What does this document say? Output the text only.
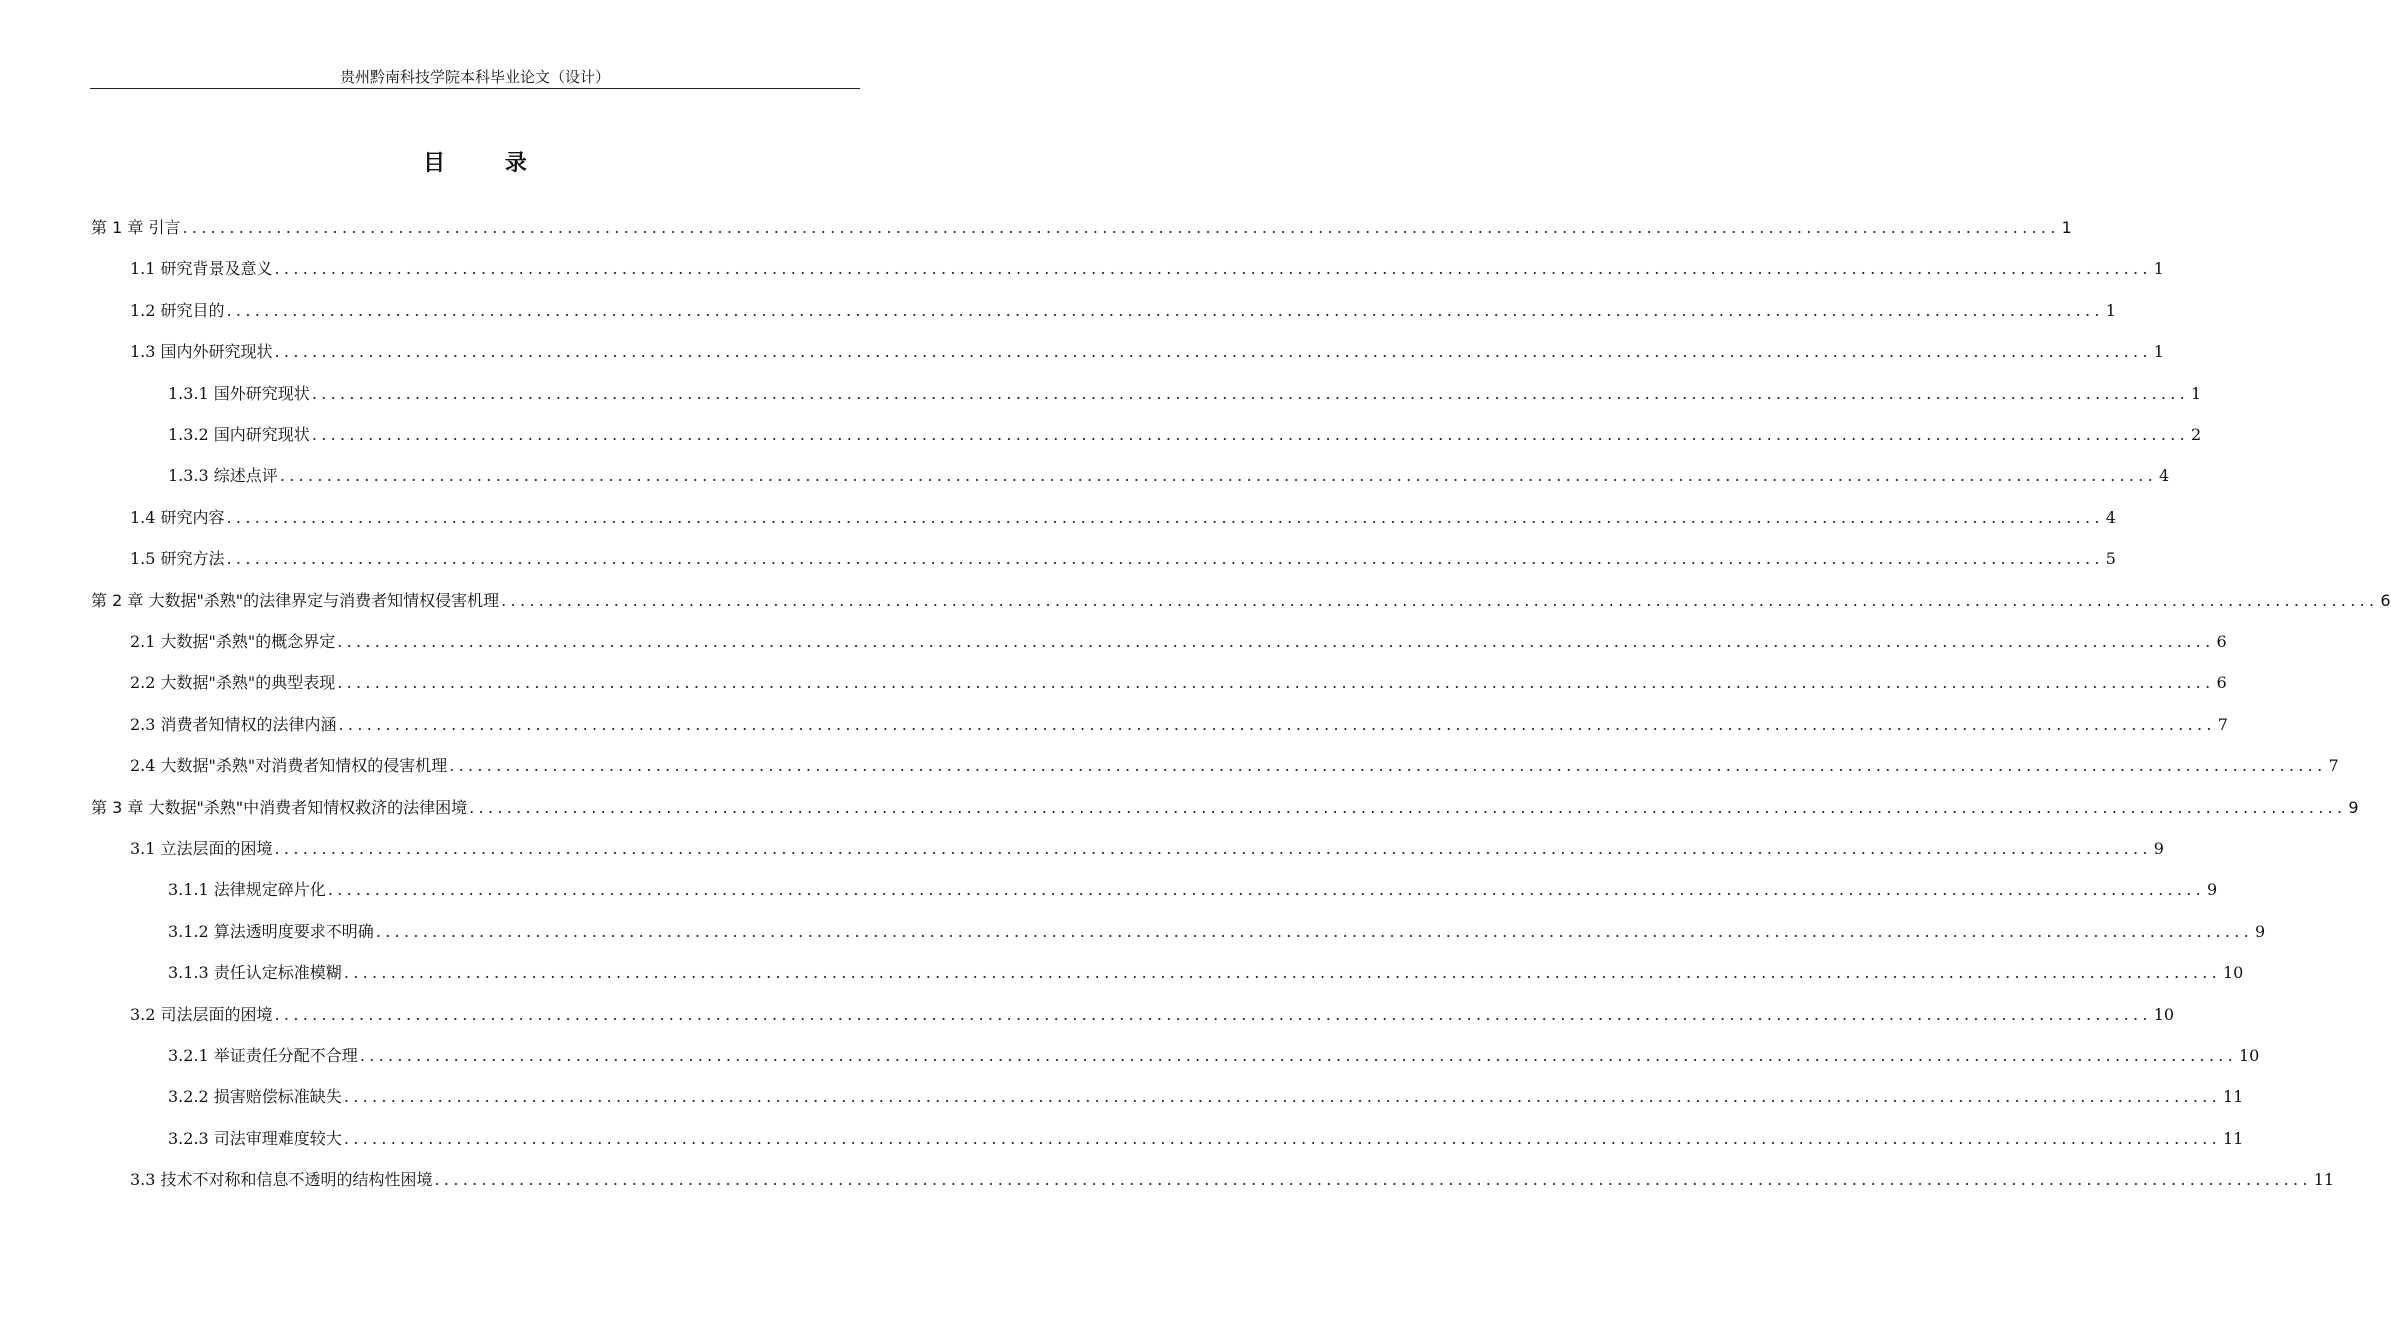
贵州黔南科技学院本科毕业论文（设计）
目 录
第 1 章 引言 ........................................................................................................................................................................................................ 1
1.1 研究背景及意义 ........................................................................................................................................................................................................ 1
1.2 研究目的 ........................................................................................................................................................................................................ 1
1.3 国内外研究现状 ........................................................................................................................................................................................................ 1
1.3.1 国外研究现状 ........................................................................................................................................................................................................ 1
1.3.2 国内研究现状 ........................................................................................................................................................................................................ 2
1.3.3 综述点评 ........................................................................................................................................................................................................ 4
1.4 研究内容 ........................................................................................................................................................................................................ 4
1.5 研究方法 ........................................................................................................................................................................................................ 5
第 2 章 大数据"杀熟"的法律界定与消费者知情权侵害机理 ........................................................................................................................................................................................................ 6
2.1 大数据"杀熟"的概念界定 ........................................................................................................................................................................................................ 6
2.2 大数据"杀熟"的典型表现 ........................................................................................................................................................................................................ 6
2.3 消费者知情权的法律内涵 ........................................................................................................................................................................................................ 7
2.4 大数据"杀熟"对消费者知情权的侵害机理 ........................................................................................................................................................................................................ 7
第 3 章 大数据"杀熟"中消费者知情权救济的法律困境 ........................................................................................................................................................................................................ 9
3.1 立法层面的困境 ........................................................................................................................................................................................................ 9
3.1.1 法律规定碎片化 ........................................................................................................................................................................................................ 9
3.1.2 算法透明度要求不明确 ........................................................................................................................................................................................................ 9
3.1.3 责任认定标准模糊 ........................................................................................................................................................................................................ 10
3.2 司法层面的困境 ........................................................................................................................................................................................................ 10
3.2.1 举证责任分配不合理 ........................................................................................................................................................................................................ 10
3.2.2 损害赔偿标准缺失 ........................................................................................................................................................................................................ 11
3.2.3 司法审理难度较大 ........................................................................................................................................................................................................ 11
3.3 技术不对称和信息不透明的结构性困境 ........................................................................................................................................................................................................ 11
